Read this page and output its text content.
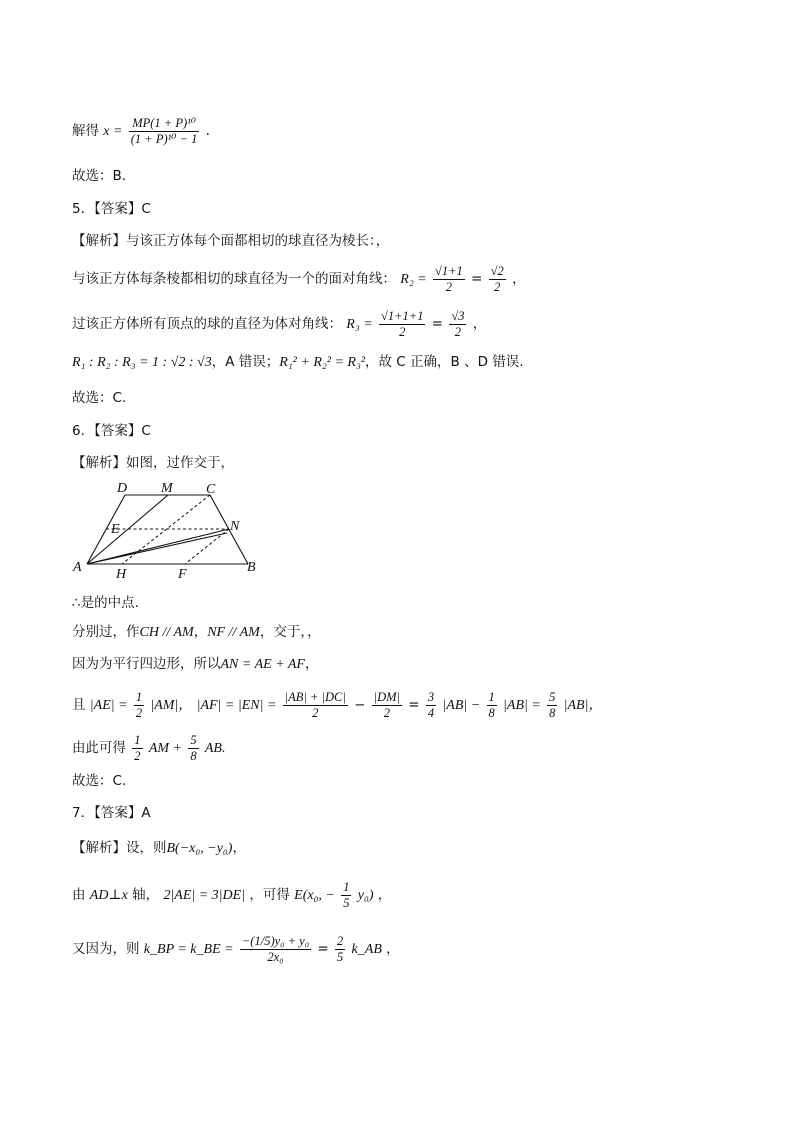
解得 $x = \frac{\text{MP(1 + P)¹⁰}}{\text{(1 + P)¹⁰ − 1}}$ .
故选：B．
5．【答案】C
【解析】与该正方体每个面都相切的球直径为棱长：，
与该正方体每条棱都相切的球直径为一个的面对角线： $R_2 = \frac{√1+1}{2} = \frac{√2}{2}$ ，
过该正方体所有顶点的球的直径为体对角线： $R_3 = \frac{√1+1+1}{2} = \frac{√3}{2}$ ，
R₁ : R₂ : R₃ = 1 : √2 : √3，A 错误；R₁² + R₂² = R₃²，故 C 正确，B 、D 错误.
故选：C.
6．【答案】C
【解析】如图，过作交于，
D M C
E	N
A H	F	B
∴是的中点.
分别过，作CH // AM，NF // AM，交于，，
因为为平行四边形，所以AN = AE + AF，
且 $|AE| = \frac{1}{2} |AM|$， $|AF| = |EN| = \frac{|AB| + |DC|}{2} - \frac{|DM|}{2} = \frac{3}{4} |AB| - \frac{1}{8} |AB| = \frac{5}{8} |AB|$，
由此可得 $\frac{1}{2}$ AM + $\frac{5}{8}$ AB.
故选：C.
7．【答案】A
【解析】设，则B(−x₀, −y₀)，
由 AD⊥x 轴， 2|AE| = 3|DE| ，可得 E(x₀, − $\frac{1}{5} y_0$) ，
又因为，则 k_BP = k_BE = $\frac{\text{−(1/5)y₀ + y₀}}{\text{2x₀}} = \frac{2}{5}$ k_AB ，
